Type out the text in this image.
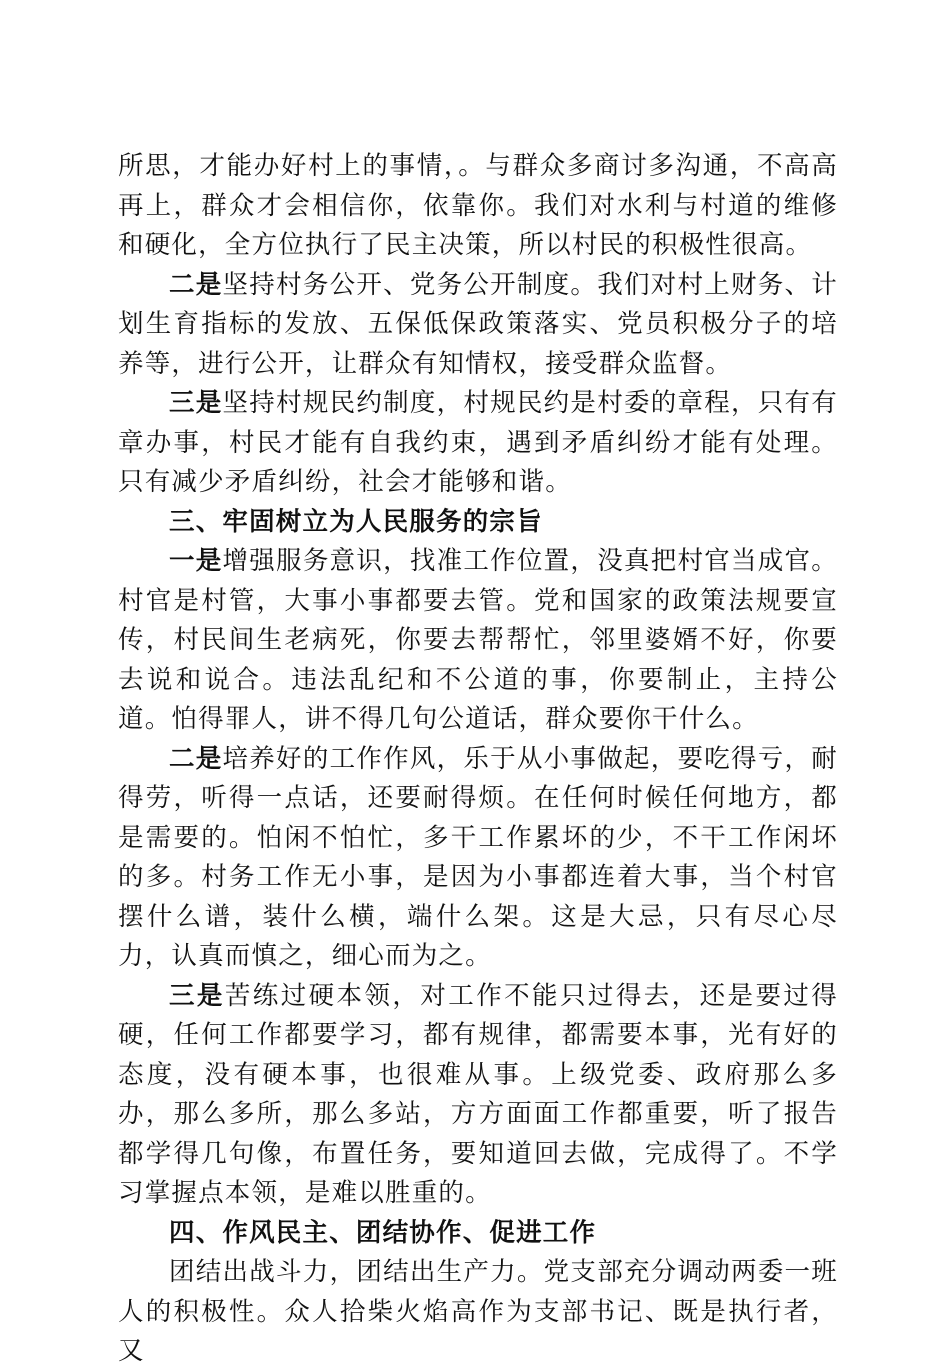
所思，才能办好村上的事情，。与群众多商讨多沟通，不高高再上，群众才会相信你，依靠你。我们对水利与村道的维修和硬化，全方位执行了民主决策，所以村民的积极性很高。

二是坚持村务公开、党务公开制度。我们对村上财务、计划生育指标的发放、五保低保政策落实、党员积极分子的培养等，进行公开，让群众有知情权，接受群众监督。

三是坚持村规民约制度，村规民约是村委的章程，只有有章办事，村民才能有自我约束，遇到矛盾纠纷才能有处理。只有减少矛盾纠纷，社会才能够和谐。

三、牢固树立为人民服务的宗旨

一是增强服务意识，找准工作位置，没真把村官当成官。村官是村管，大事小事都要去管。党和国家的政策法规要宣传，村民间生老病死，你要去帮帮忙，邻里婆婿不好，你要去说和说合。违法乱纪和不公道的事，你要制止，主持公道。怕得罪人，讲不得几句公道话，群众要你干什么。

二是培养好的工作作风，乐于从小事做起，要吃得亏，耐得劳，听得一点话，还要耐得烦。在任何时候任何地方，都是需要的。怕闲不怕忙，多干工作累坏的少，不干工作闲坏的多。村务工作无小事，是因为小事都连着大事，当个村官摆什么谱，装什么横，端什么架。这是大忌，只有尽心尽力，认真而慎之，细心而为之。

三是苦练过硬本领，对工作不能只过得去，还是要过得硬，任何工作都要学习，都有规律，都需要本事，光有好的态度，没有硬本事，也很难从事。上级党委、政府那么多办，那么多所，那么多站，方方面面工作都重要，听了报告都学得几句像，布置任务，要知道回去做，完成得了。不学习掌握点本领，是难以胜重的。

四、作风民主、团结协作、促进工作

团结出战斗力，团结出生产力。党支部充分调动两委一班人的积极性。众人拾柴火焰高作为支部书记、既是执行者，又
